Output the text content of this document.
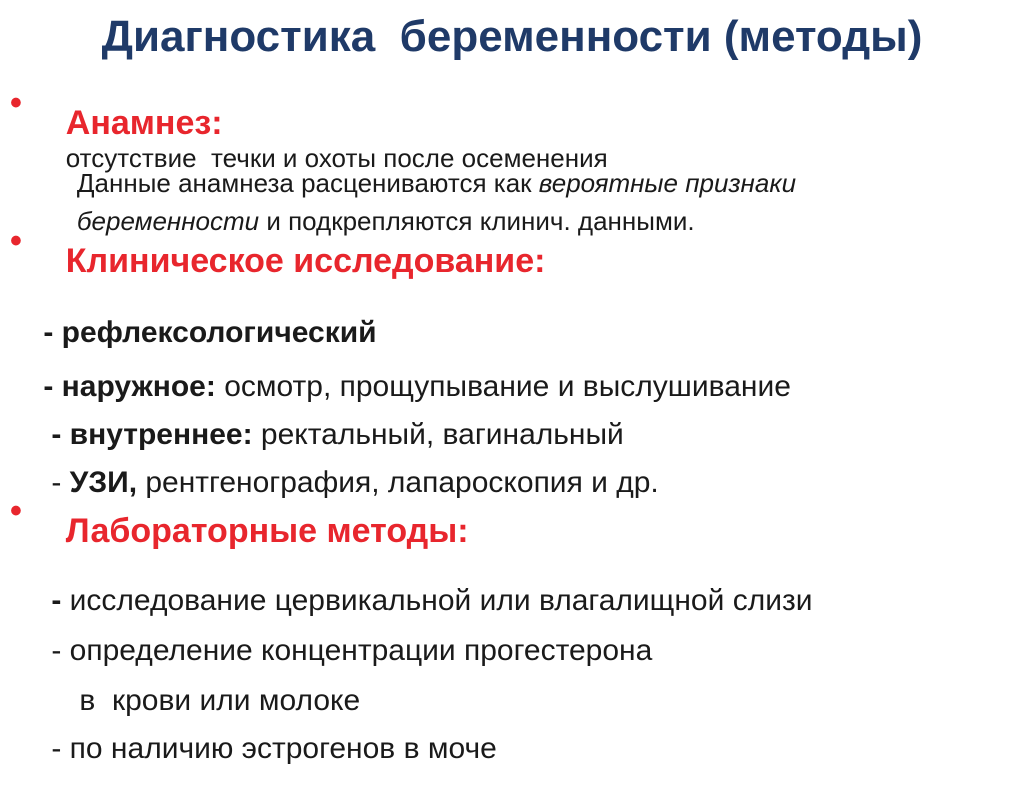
Диагностика  беременности (методы)
•

Анамнез:
отсутствие  течки и охоты после осеменения

Данные анамнеза расцениваются как вероятные признаки

беременности и подкрепляются клинич. данными.

•

Клиническое исследование:

- рефлексологический

- наружное: осмотр, прощупывание и выслушивание

- внутреннее: ректальный, вагинальный

- УЗИ, рентгенография, лапароскопия и др.

•

Лабораторные методы:

- исследование цервикальной или влагалищной слизи

- определение концентрации прогестерона

в  крови или молоке

- по наличию эстрогенов в моче
